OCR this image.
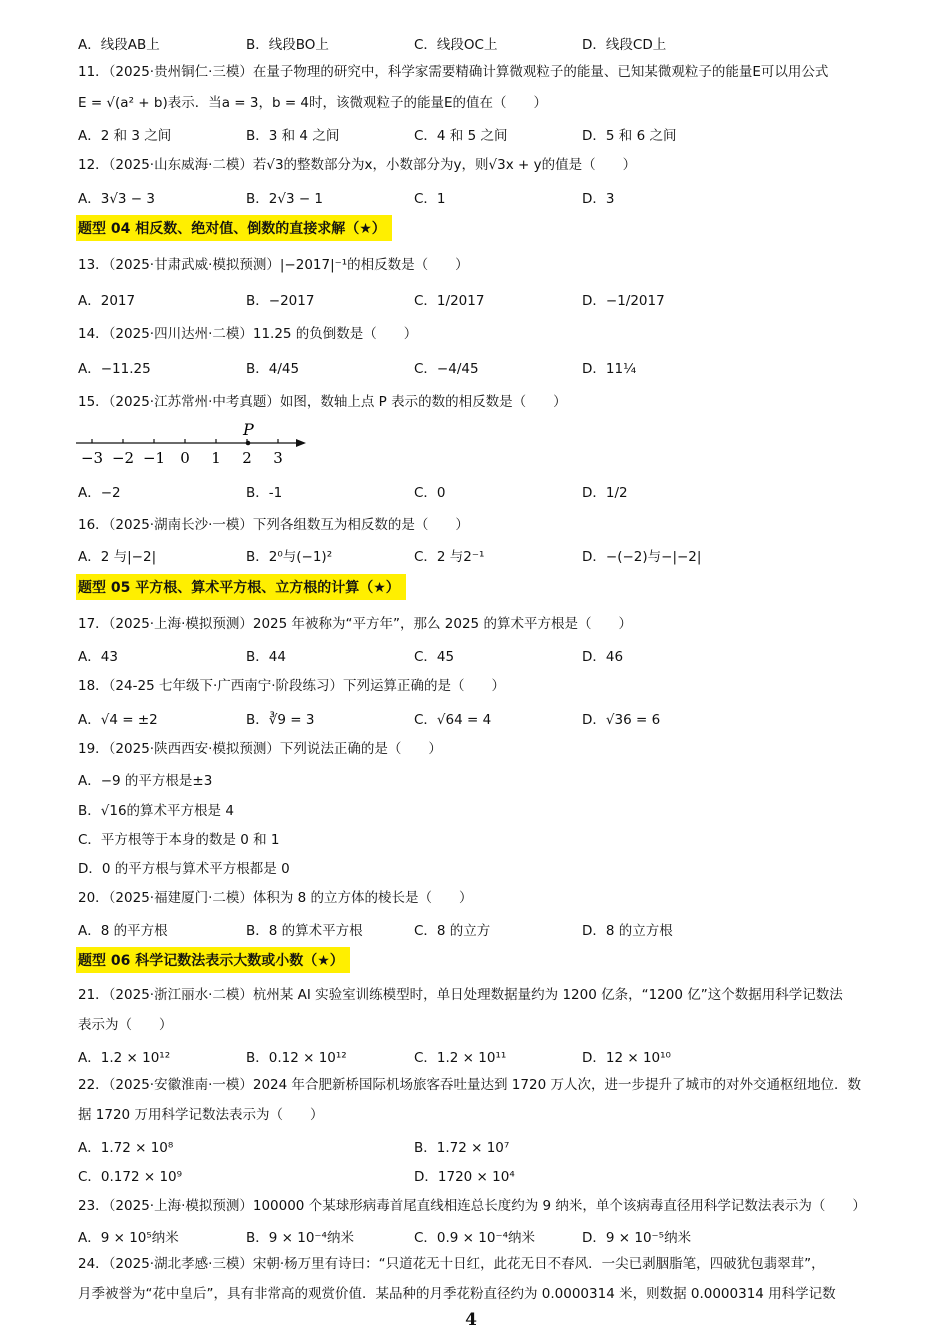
A．线段AB上	B．线段BO上	C．线段OC上	D．线段CD上
11．（2025·贵州铜仁·三模）在量子物理的研究中，科学家需要精确计算微观粒子的能量、已知某微观粒子的能量E可以用公式
E = √(a² + b)表示．当a = 3，b = 4时，该微观粒子的能量E的值在（　　）
A．2 和 3 之间	B．3 和 4 之间	C．4 和 5 之间	D．5 和 6 之间
12．（2025·山东威海·二模）若√3的整数部分为x，小数部分为y，则√3x + y的值是（　　）
A．3√3 − 3	B．2√3 − 1	C．1	D．3
题型 04 相反数、绝对值、倒数的直接求解（★）
13．（2025·甘肃武威·模拟预测）|−2017|⁻¹的相反数是（　　）
A．2017	B．−2017	C．1/2017	D．−1/2017
14．（2025·四川达州·二模）11.25 的负倒数是（　　）
A．−11.25	B．4/45	C．−4/45	D．11¼
15．（2025·江苏常州·中考真题）如图，数轴上点 P 表示的数的相反数是（　　）
−3 −2 −1 0 1 2 3
P
A．−2	B．-1	C．0	D．1/2
16．（2025·湖南长沙·一模）下列各组数互为相反数的是（　　）
A．2 与|−2|	B．2⁰与(−1)²	C．2 与2⁻¹	D．−(−2)与−|−2|
题型 05 平方根、算术平方根、立方根的计算（★）
17．（2025·上海·模拟预测）2025 年被称为“平方年”，那么 2025 的算术平方根是（　　）
A．43	B．44	C．45	D．46
18．（24-25 七年级下·广西南宁·阶段练习）下列运算正确的是（　　）
A．√4 = ±2	B．∛9 = 3	C．√64 = 4	D．√36 = 6
19．（2025·陕西西安·模拟预测）下列说法正确的是（　　）
A．−9 的平方根是±3
B．√16的算术平方根是 4
C．平方根等于本身的数是 0 和 1
D．0 的平方根与算术平方根都是 0
20．（2025·福建厦门·二模）体积为 8 的立方体的棱长是（　　）
A．8 的平方根	B．8 的算术平方根	C．8 的立方	D．8 的立方根
题型 06 科学记数法表示大数或小数（★）
21．（2025·浙江丽水·二模）杭州某 AI 实验室训练模型时，单日处理数据量约为 1200 亿条，“1200 亿”这个数据用科学记数法
表示为（　　）
A．1.2 × 10¹²	B．0.12 × 10¹²	C．1.2 × 10¹¹	D．12 × 10¹⁰
22．（2025·安徽淮南·一模）2024 年合肥新桥国际机场旅客吞吐量达到 1720 万人次，进一步提升了城市的对外交通枢纽地位．数
据 1720 万用科学记数法表示为（　　）
A．1.72 × 10⁸	B．1.72 × 10⁷
C．0.172 × 10⁹	D．1720 × 10⁴
23．（2025·上海·模拟预测）100000 个某球形病毒首尾直线相连总长度约为 9 纳米，单个该病毒直径用科学记数法表示为（　　）
A．9 × 10⁵纳米	B．9 × 10⁻⁴纳米	C．0.9 × 10⁻⁴纳米	D．9 × 10⁻⁵纳米
24．（2025·湖北孝感·三模）宋朝·杨万里有诗曰：“只道花无十日红，此花无日不春风．一尖已剥胭脂笔，四破犹包翡翠茸”，
月季被誉为“花中皇后”，具有非常高的观赏价值．某品种的月季花粉直径约为 0.0000314 米，则数据 0.0000314 用科学记数
4
